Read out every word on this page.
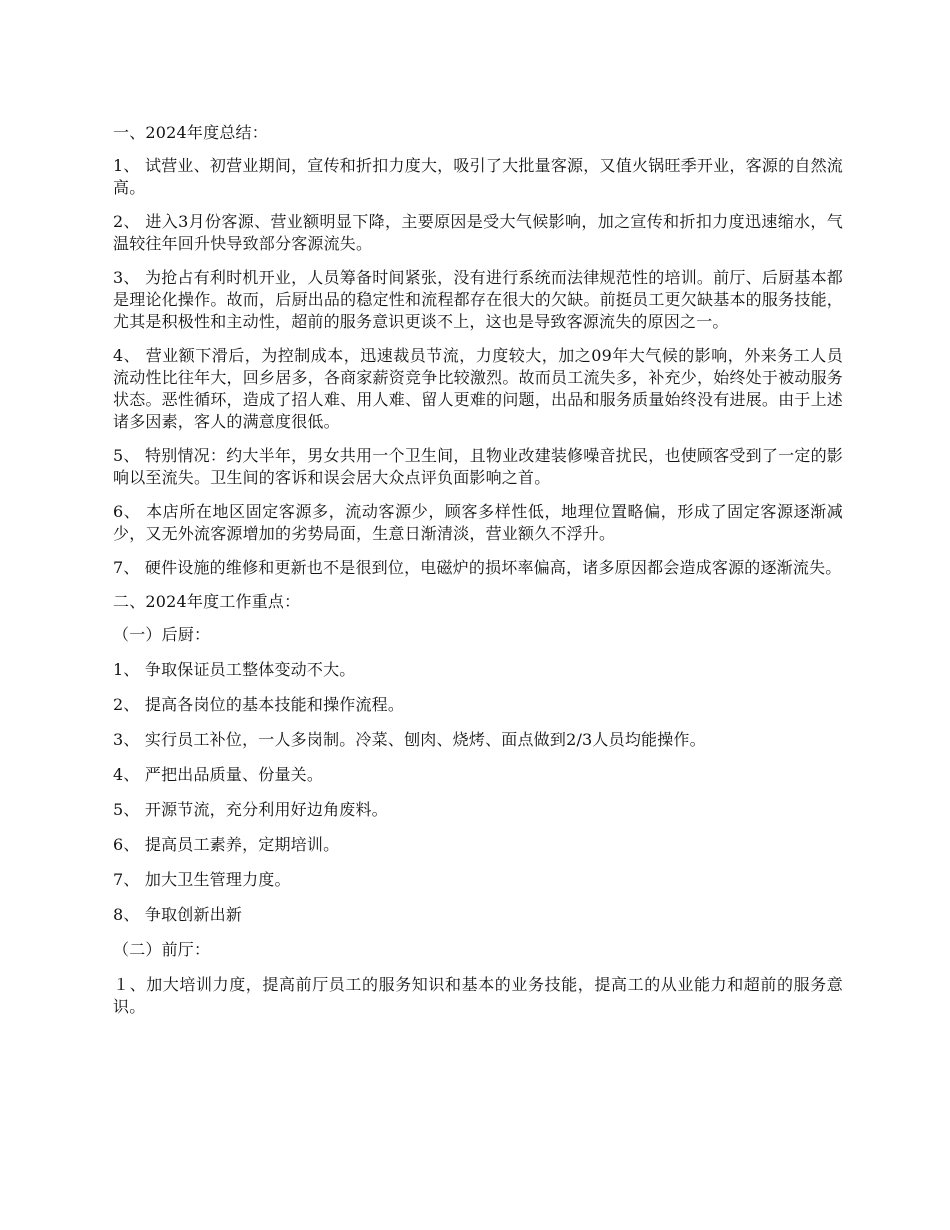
一、2024年度总结：

1、 试营业、初营业期间，宣传和折扣力度大，吸引了大批量客源，又值火锅旺季开业，客源的自然流高。

2、 进入3月份客源、营业额明显下降，主要原因是受大气候影响，加之宣传和折扣力度迅速缩水，气温较往年回升快导致部分客源流失。

3、 为抢占有利时机开业，人员筹备时间紧张，没有进行系统而法律规范性的培训。前厅、后厨基本都是理论化操作。故而，后厨出品的稳定性和流程都存在很大的欠缺。前挺员工更欠缺基本的服务技能，尤其是积极性和主动性，超前的服务意识更谈不上，这也是导致客源流失的原因之一。

4、 营业额下滑后，为控制成本，迅速裁员节流，力度较大，加之09年大气候的影响，外来务工人员流动性比往年大，回乡居多，各商家薪资竞争比较激烈。故而员工流失多，补充少，始终处于被动服务状态。恶性循环，造成了招人难、用人难、留人更难的问题，出品和服务质量始终没有进展。由于上述诸多因素，客人的满意度很低。

5、 特别情况：约大半年，男女共用一个卫生间，且物业改建装修噪音扰民，也使顾客受到了一定的影响以至流失。卫生间的客诉和误会居大众点评负面影响之首。

6、 本店所在地区固定客源多，流动客源少，顾客多样性低，地理位置略偏，形成了固定客源逐渐减少，又无外流客源增加的劣势局面，生意日渐清淡，营业额久不浮升。

7、 硬件设施的维修和更新也不是很到位，电磁炉的损坏率偏高，诸多原因都会造成客源的逐渐流失。

二、2024年度工作重点：

（一）后厨：

1、 争取保证员工整体变动不大。

2、 提高各岗位的基本技能和操作流程。

3、 实行员工补位，一人多岗制。冷菜、刨肉、烧烤、面点做到2/3人员均能操作。

4、 严把出品质量、份量关。

5、 开源节流，充分利用好边角废料。

6、 提高员工素养，定期培训。

7、 加大卫生管理力度。

8、 争取创新出新

（二）前厅：

１、加大培训力度，提高前厅员工的服务知识和基本的业务技能，提高工的从业能力和超前的服务意识。
